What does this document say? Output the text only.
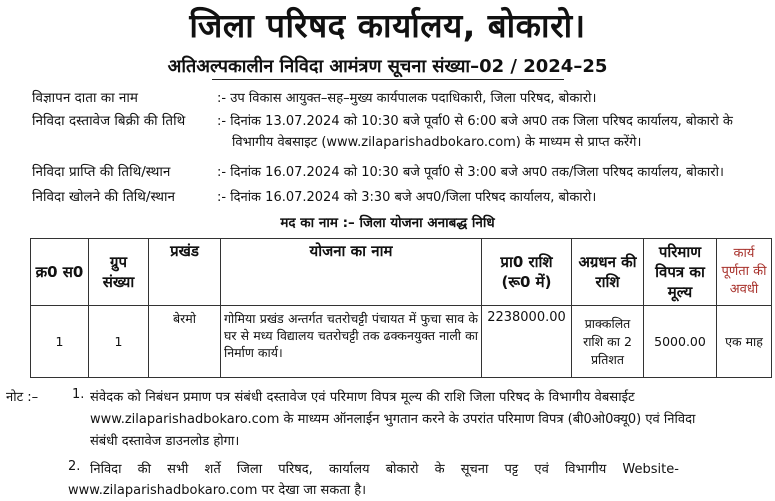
जिला परिषद कार्यालय, बोकारो।
अतिअल्पकालीन निविदा आमंत्रण सूचना संख्या–02 / 2024–25
विज्ञापन दाता का नाम	:- उप विकास आयुक्त–सह–मुख्य कार्यपालक पदाधिकारी, जिला परिषद, बोकारो।
निविदा दस्तावेज बिक्री की तिथि :- दिनांक 13.07.2024 को 10:30 बजे पूर्वा0 से 6:00 बजे अप0 तक जिला परिषद कार्यालय, बोकारो के
विभागीय वेबसाइट (www.zilaparishadbokaro.com) के माध्यम से प्राप्त करेंगे।
निविदा प्राप्ति की तिथि/स्थान	:- दिनांक 16.07.2024 को 10:30 बजे पूर्वा0 से 3:00 बजे अप0 तक/जिला परिषद कार्यालय, बोकारो।
निविदा खोलने की तिथि/स्थान	:- दिनांक 16.07.2024 को 3:30 बजे अप0/जिला परिषद कार्यालय, बोकारो।
मद का नाम :– जिला योजना अनाबद्ध निधि
क्र0 स0	ग्रुप संख्या	प्रखंड	योजना का नाम	प्रा0 राशि (रू0 में)	अग्रधन की राशि	परिमाण विपत्र का मूल्य	कार्य पूर्णता की अवधी
1	1	बेरमो	गोमिया प्रखंड अन्तर्गत चतरोचट्टी पंचायत में फुचा साव के घर से मध्य विद्यालय चतरोचट्टी तक ढक्कनयुक्त नाली का निर्माण कार्य।	2238000.00	प्राक्कलित राशि का 2 प्रतिशत	5000.00	एक माह
नोट :–	1. संवेदक को निबंधन प्रमाण पत्र संबंधी दस्तावेज एवं परिमाण विपत्र मूल्य की राशि जिला परिषद के विभागीय वेबसाईट
www.zilaparishadbokaro.com के माध्यम ऑनलाईन भुगतान करने के उपरांत परिमाण विपत्र (बी0ओ0क्यू0) एवं निविदा
संबंधी दस्तावेज डाउनलोड होगा।
2. निविदा की सभी शर्ते जिला परिषद, कार्यालय बोकारो के सूचना पट्ट एवं विभागीय Website-
www.zilaparishadbokaro.com पर देखा जा सकता है।
